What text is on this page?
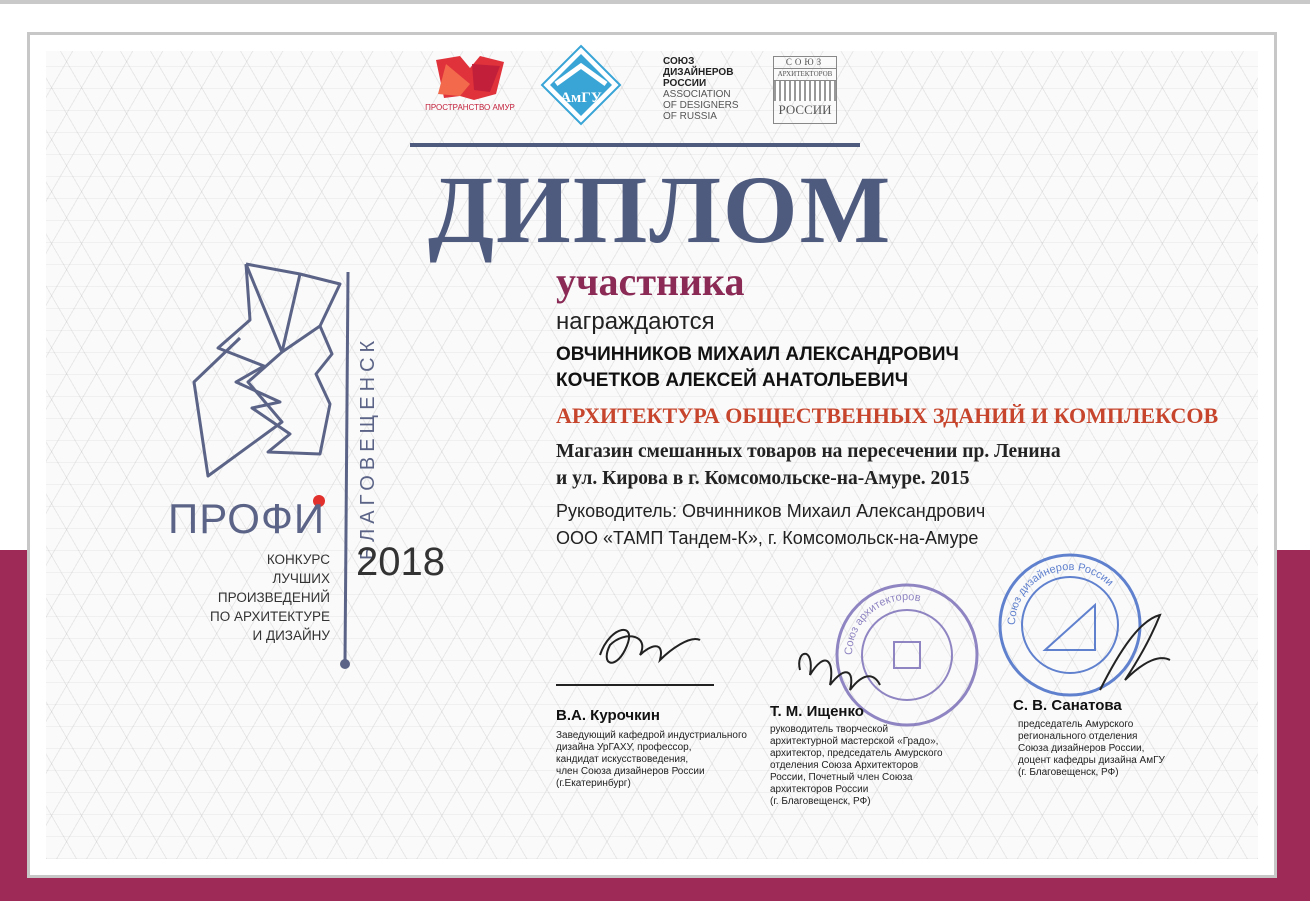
ПРОСТРАНСТВО АМУР
АмГУ
СОЮЗ
ДИЗАЙНЕРОВ
РОССИИ
ASSOCIATION
OF DESIGNERS
OF RUSSIA
СОЮЗ
АРХИТЕКТОРОВ
РОССИИ
ДИПЛОМ
участника
награждаются
ОВЧИННИКОВ МИХАИЛ АЛЕКСАНДРОВИЧ
КОЧЕТКОВ АЛЕКСЕЙ АНАТОЛЬЕВИЧ
АРХИТЕКТУРА ОБЩЕСТВЕННЫХ ЗДАНИЙ И КОМПЛЕКСОВ
Магазин смешанных товаров на пересечении пр. Ленина
и ул. Кирова в г. Комсомольске-на-Амуре. 2015
Руководитель: Овчинников Михаил Александрович
ООО «ТАМП Тандем-К», г. Комсомольск-на-Амуре
ПРОФИ БЛАГОВЕЩЕНСК
2018
КОНКУРС
ЛУЧШИХ
ПРОИЗВЕДЕНИЙ
ПО АРХИТЕКТУРЕ
И ДИЗАЙНУ
Союз архитекторов
Союз дизайнеров России
В.А. Курочкин
Заведующий кафедрой индустриального
дизайна УрГАХУ, профессор,
кандидат искусствоведения,
член Союза дизайнеров России
(г.Екатеринбург)
Т. М. Ищенко
руководитель творческой
архитектурной мастерской «Градо»,
архитектор, председатель Амурского
отделения Союза Архитекторов
России, Почетный член Союза
архитекторов России
(г. Благовещенск, РФ)
С. В. Санатова
председатель Амурского
регионального отделения
Союза дизайнеров России,
доцент кафедры дизайна АмГУ
(г. Благовещенск, РФ)
